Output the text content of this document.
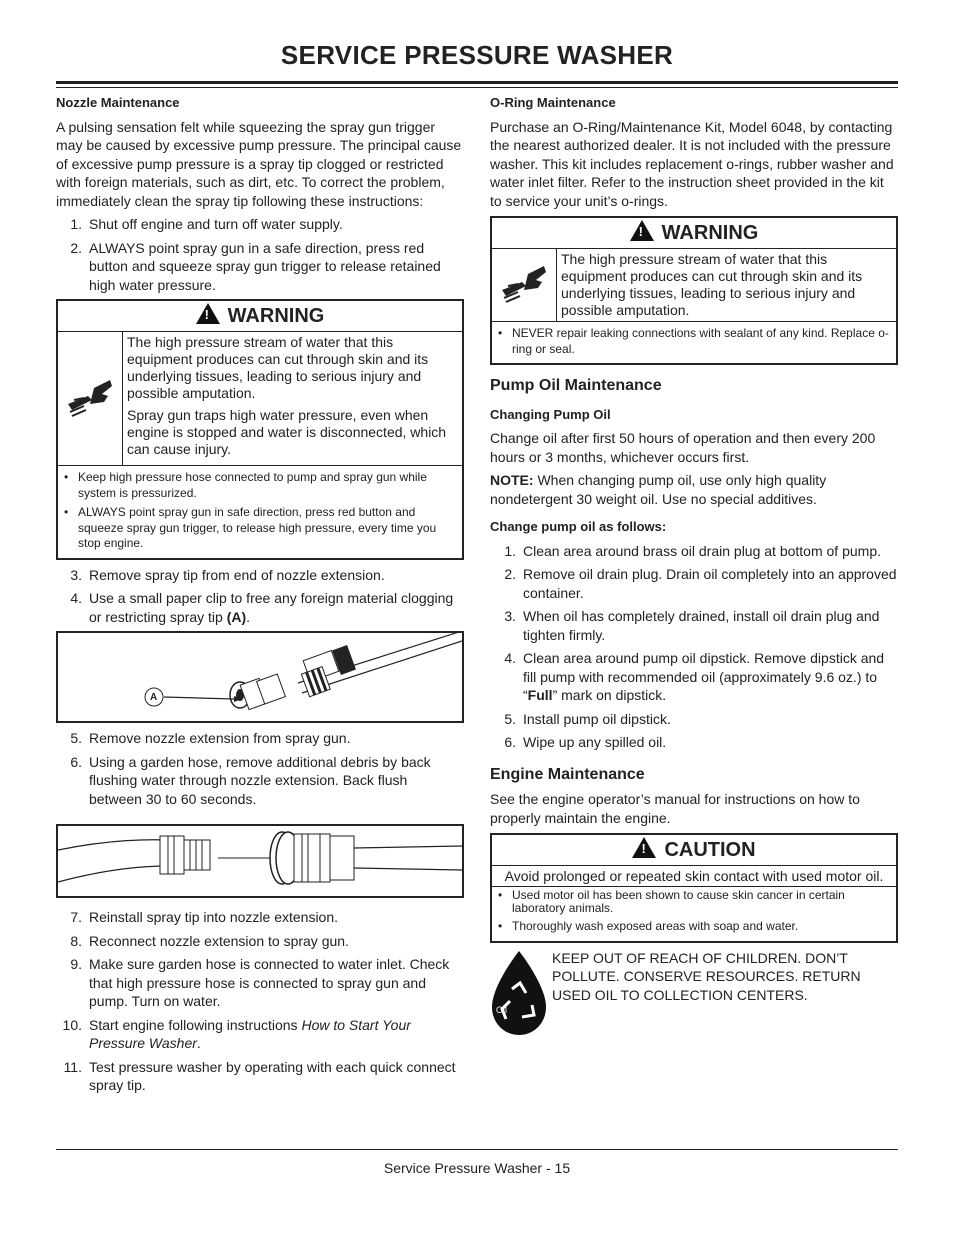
SERVICE PRESSURE WASHER
Nozzle Maintenance

A pulsing sensation felt while squeezing the spray gun trigger may be caused by excessive pump pressure. The principal cause of excessive pump pressure is a spray tip clogged or restricted with foreign materials, such as dirt, etc. To correct the problem, immediately clean the spray tip following these instructions:

1. Shut off engine and turn off water supply.
2. ALWAYS point spray gun in a safe direction, press red button and squeeze spray gun trigger to release retained high water pressure.
!WARNING

The high pressure stream of water that this equipment produces can cut through skin and its underlying tissues, leading to serious injury and possible amputation.

Spray gun traps high water pressure, even when engine is stopped and water is disconnected, which can cause injury.

• Keep high pressure hose connected to pump and spray gun while system is pressurized.
• ALWAYS point spray gun in safe direction, press red button and squeeze spray gun trigger, to release high pressure, every time you stop engine.
3. Remove spray tip from end of nozzle extension.
4. Use a small paper clip to free any foreign material clogging or restricting spray tip (A).
A
5. Remove nozzle extension from spray gun.
6. Using a garden hose, remove additional debris by back flushing water through nozzle extension. Back flush between 30 to 60 seconds.
7. Reinstall spray tip into nozzle extension.
8. Reconnect nozzle extension to spray gun.
9. Make sure garden hose is connected to water inlet. Check that high pressure hose is connected to spray gun and pump. Turn on water.
10. Start engine following instructions How to Start Your Pressure Washer.
11. Test pressure washer by operating with each quick connect spray tip.
O-Ring Maintenance

Purchase an O-Ring/Maintenance Kit, Model 6048, by contacting the nearest authorized dealer. It is not included with the pressure washer. This kit includes replacement o-rings, rubber washer and water inlet filter. Refer to the instruction sheet provided in the kit to service your unit’s o-rings.

!WARNING

The high pressure stream of water that this equipment produces can cut through skin and its underlying tissues, leading to serious injury and possible amputation.

• NEVER repair leaking connections with sealant of any kind. Replace o-ring or seal.
Pump Oil Maintenance
Changing Pump Oil

Change oil after first 50 hours of operation and then every 200 hours or 3 months, whichever occurs first.

NOTE: When changing pump oil, use only high quality nondetergent 30 weight oil. Use no special additives.

Change pump oil as follows:
1. Clean area around brass oil drain plug at bottom of pump.
2. Remove oil drain plug. Drain oil completely into an approved container.
3. When oil has completely drained, install oil drain plug and tighten firmly.
4. Clean area around pump oil dipstick. Remove dipstick and fill pump with recommended oil (approximately 9.6 oz.) to “Full” mark on dipstick.
5. Install pump oil dipstick.
6. Wipe up any spilled oil.
Engine Maintenance

See the engine operator’s manual for instructions on how to properly maintain the engine.

!CAUTION
Avoid prolonged or repeated skin contact with used motor oil.
• Used motor oil has been shown to cause skin cancer in certain laboratory animals.
• Thoroughly wash exposed areas with soap and water.
Oil

KEEP OUT OF REACH OF CHILDREN. DON’T POLLUTE. CONSERVE RESOURCES. RETURN USED OIL TO COLLECTION CENTERS.

Service Pressure Washer - 15
